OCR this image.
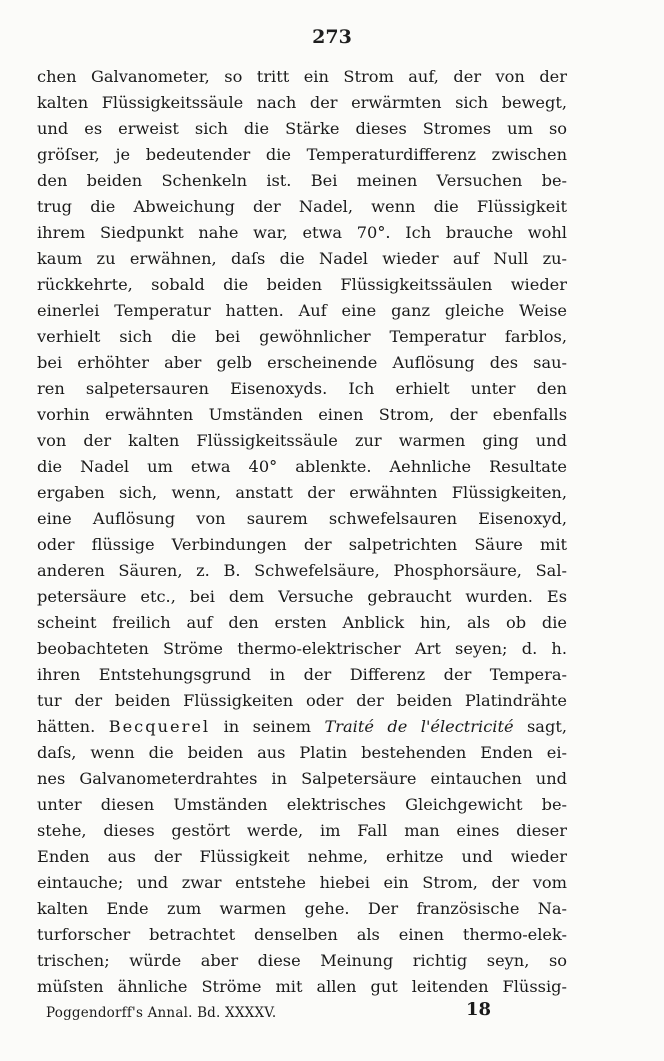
273

chen Galvanometer, so tritt ein Strom auf, der von der
kalten Flüssigkeitssäule nach der erwärmten sich bewegt,
und es erweist sich die Stärke dieses Stromes um so
gröſser, je bedeutender die Temperaturdifferenz zwischen
den beiden Schenkeln ist. Bei meinen Versuchen be-
trug die Abweichung der Nadel, wenn die Flüssigkeit
ihrem Siedpunkt nahe war, etwa 70°. Ich brauche wohl
kaum zu erwähnen, daſs die Nadel wieder auf Null zu-
rückkehrte, sobald die beiden Flüssigkeitssäulen wieder
einerlei Temperatur hatten. Auf eine ganz gleiche Weise
verhielt sich die bei gewöhnlicher Temperatur farblos,
bei erhöhter aber gelb erscheinende Auflösung des sau-
ren salpetersauren Eisenoxyds. Ich erhielt unter den
vorhin erwähnten Umständen einen Strom, der ebenfalls
von der kalten Flüssigkeitssäule zur warmen ging und
die Nadel um etwa 40° ablenkte. Aehnliche Resultate
ergaben sich, wenn, anstatt der erwähnten Flüssigkeiten,
eine Auflösung von saurem schwefelsauren Eisenoxyd,
oder flüssige Verbindungen der salpetrichten Säure mit
anderen Säuren, z. B. Schwefelsäure, Phosphorsäure, Sal-
petersäure etc., bei dem Versuche gebraucht wurden. Es
scheint freilich auf den ersten Anblick hin, als ob die
beobachteten Ströme thermo-elektrischer Art seyen; d. h.
ihren Entstehungsgrund in der Differenz der Tempera-
tur der beiden Flüssigkeiten oder der beiden Platindrähte
hätten. Becquerel in seinem Traité de l'électricité sagt,
daſs, wenn die beiden aus Platin bestehenden Enden ei-
nes Galvanometerdrahtes in Salpetersäure eintauchen und
unter diesen Umständen elektrisches Gleichgewicht be-
stehe, dieses gestört werde, im Fall man eines dieser
Enden aus der Flüssigkeit nehme, erhitze und wieder
eintauche; und zwar entstehe hiebei ein Strom, der vom
kalten Ende zum warmen gehe. Der französische Na-
turforscher betrachtet denselben als einen thermo-elek-
trischen; würde aber diese Meinung richtig seyn, so
müſsten ähnliche Ströme mit allen gut leitenden Flüssig-
Poggendorff's Annal. Bd. XXXXV.	18
